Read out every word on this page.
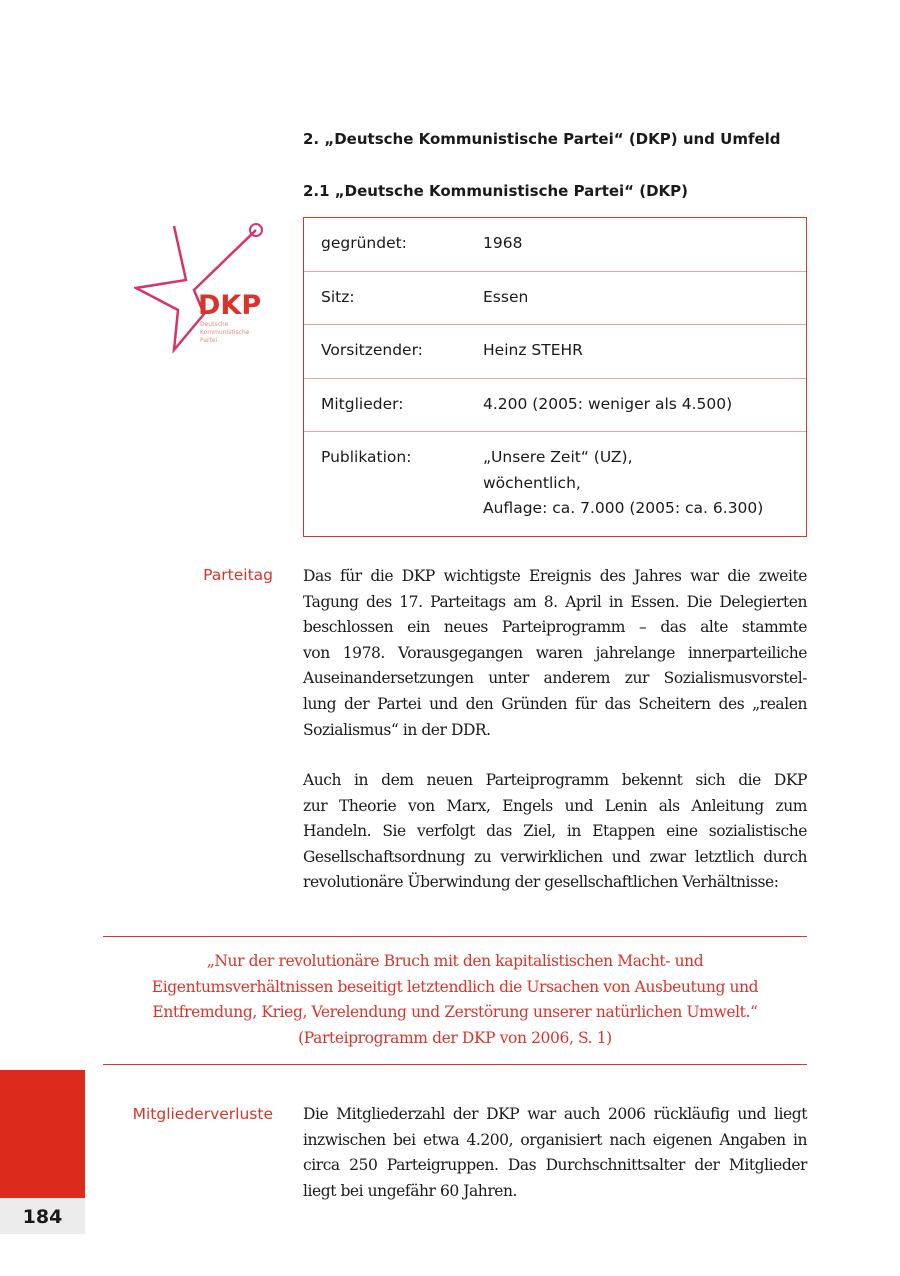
2. „Deutsche Kommunistische Partei“ (DKP) und Umfeld
2.1 „Deutsche Kommunistische Partei“ (DKP)
DKP
Deutsche
Kommunistische
Partei
gegründet:	1968
Sitz:	Essen
Vorsitzender:	Heinz STEHR
Mitglieder:	4.200 (2005: weniger als 4.500)
Publikation:	„Unsere Zeit“ (UZ),
wöchentlich,
Auflage: ca. 7.000 (2005: ca. 6.300)
Parteitag Das für die DKP wichtigste Ereignis des Jahres war die zweite
Tagung des 17. Parteitags am 8. April in Essen. Die Delegierten
beschlossen ein neues Parteiprogramm – das alte stammte
von 1978. Vorausgegangen waren jahrelange innerparteiliche
Auseinandersetzungen unter anderem zur Sozialismusvorstel-
lung der Partei und den Gründen für das Scheitern des „realen
Sozialismus“ in der DDR.
Auch in dem neuen Parteiprogramm bekennt sich die DKP
zur Theorie von Marx, Engels und Lenin als Anleitung zum
Handeln. Sie verfolgt das Ziel, in Etappen eine sozialistische
Gesellschaftsordnung zu verwirklichen und zwar letztlich durch
revolutionäre Überwindung der gesellschaftlichen Verhältnisse:
„Nur der revolutionäre Bruch mit den kapitalistischen Macht- und
Eigentumsverhältnissen beseitigt letztendlich die Ursachen von Ausbeutung und
Entfremdung, Krieg, Verelendung und Zerstörung unserer natürlichen Umwelt.“
(Parteiprogramm der DKP von 2006, S. 1)
Mitgliederverluste Die Mitgliederzahl der DKP war auch 2006 rückläufig und liegt
inzwischen bei etwa 4.200, organisiert nach eigenen Angaben in
circa 250 Parteigruppen. Das Durchschnittsalter der Mitglieder
liegt bei ungefähr 60 Jahren.
184
